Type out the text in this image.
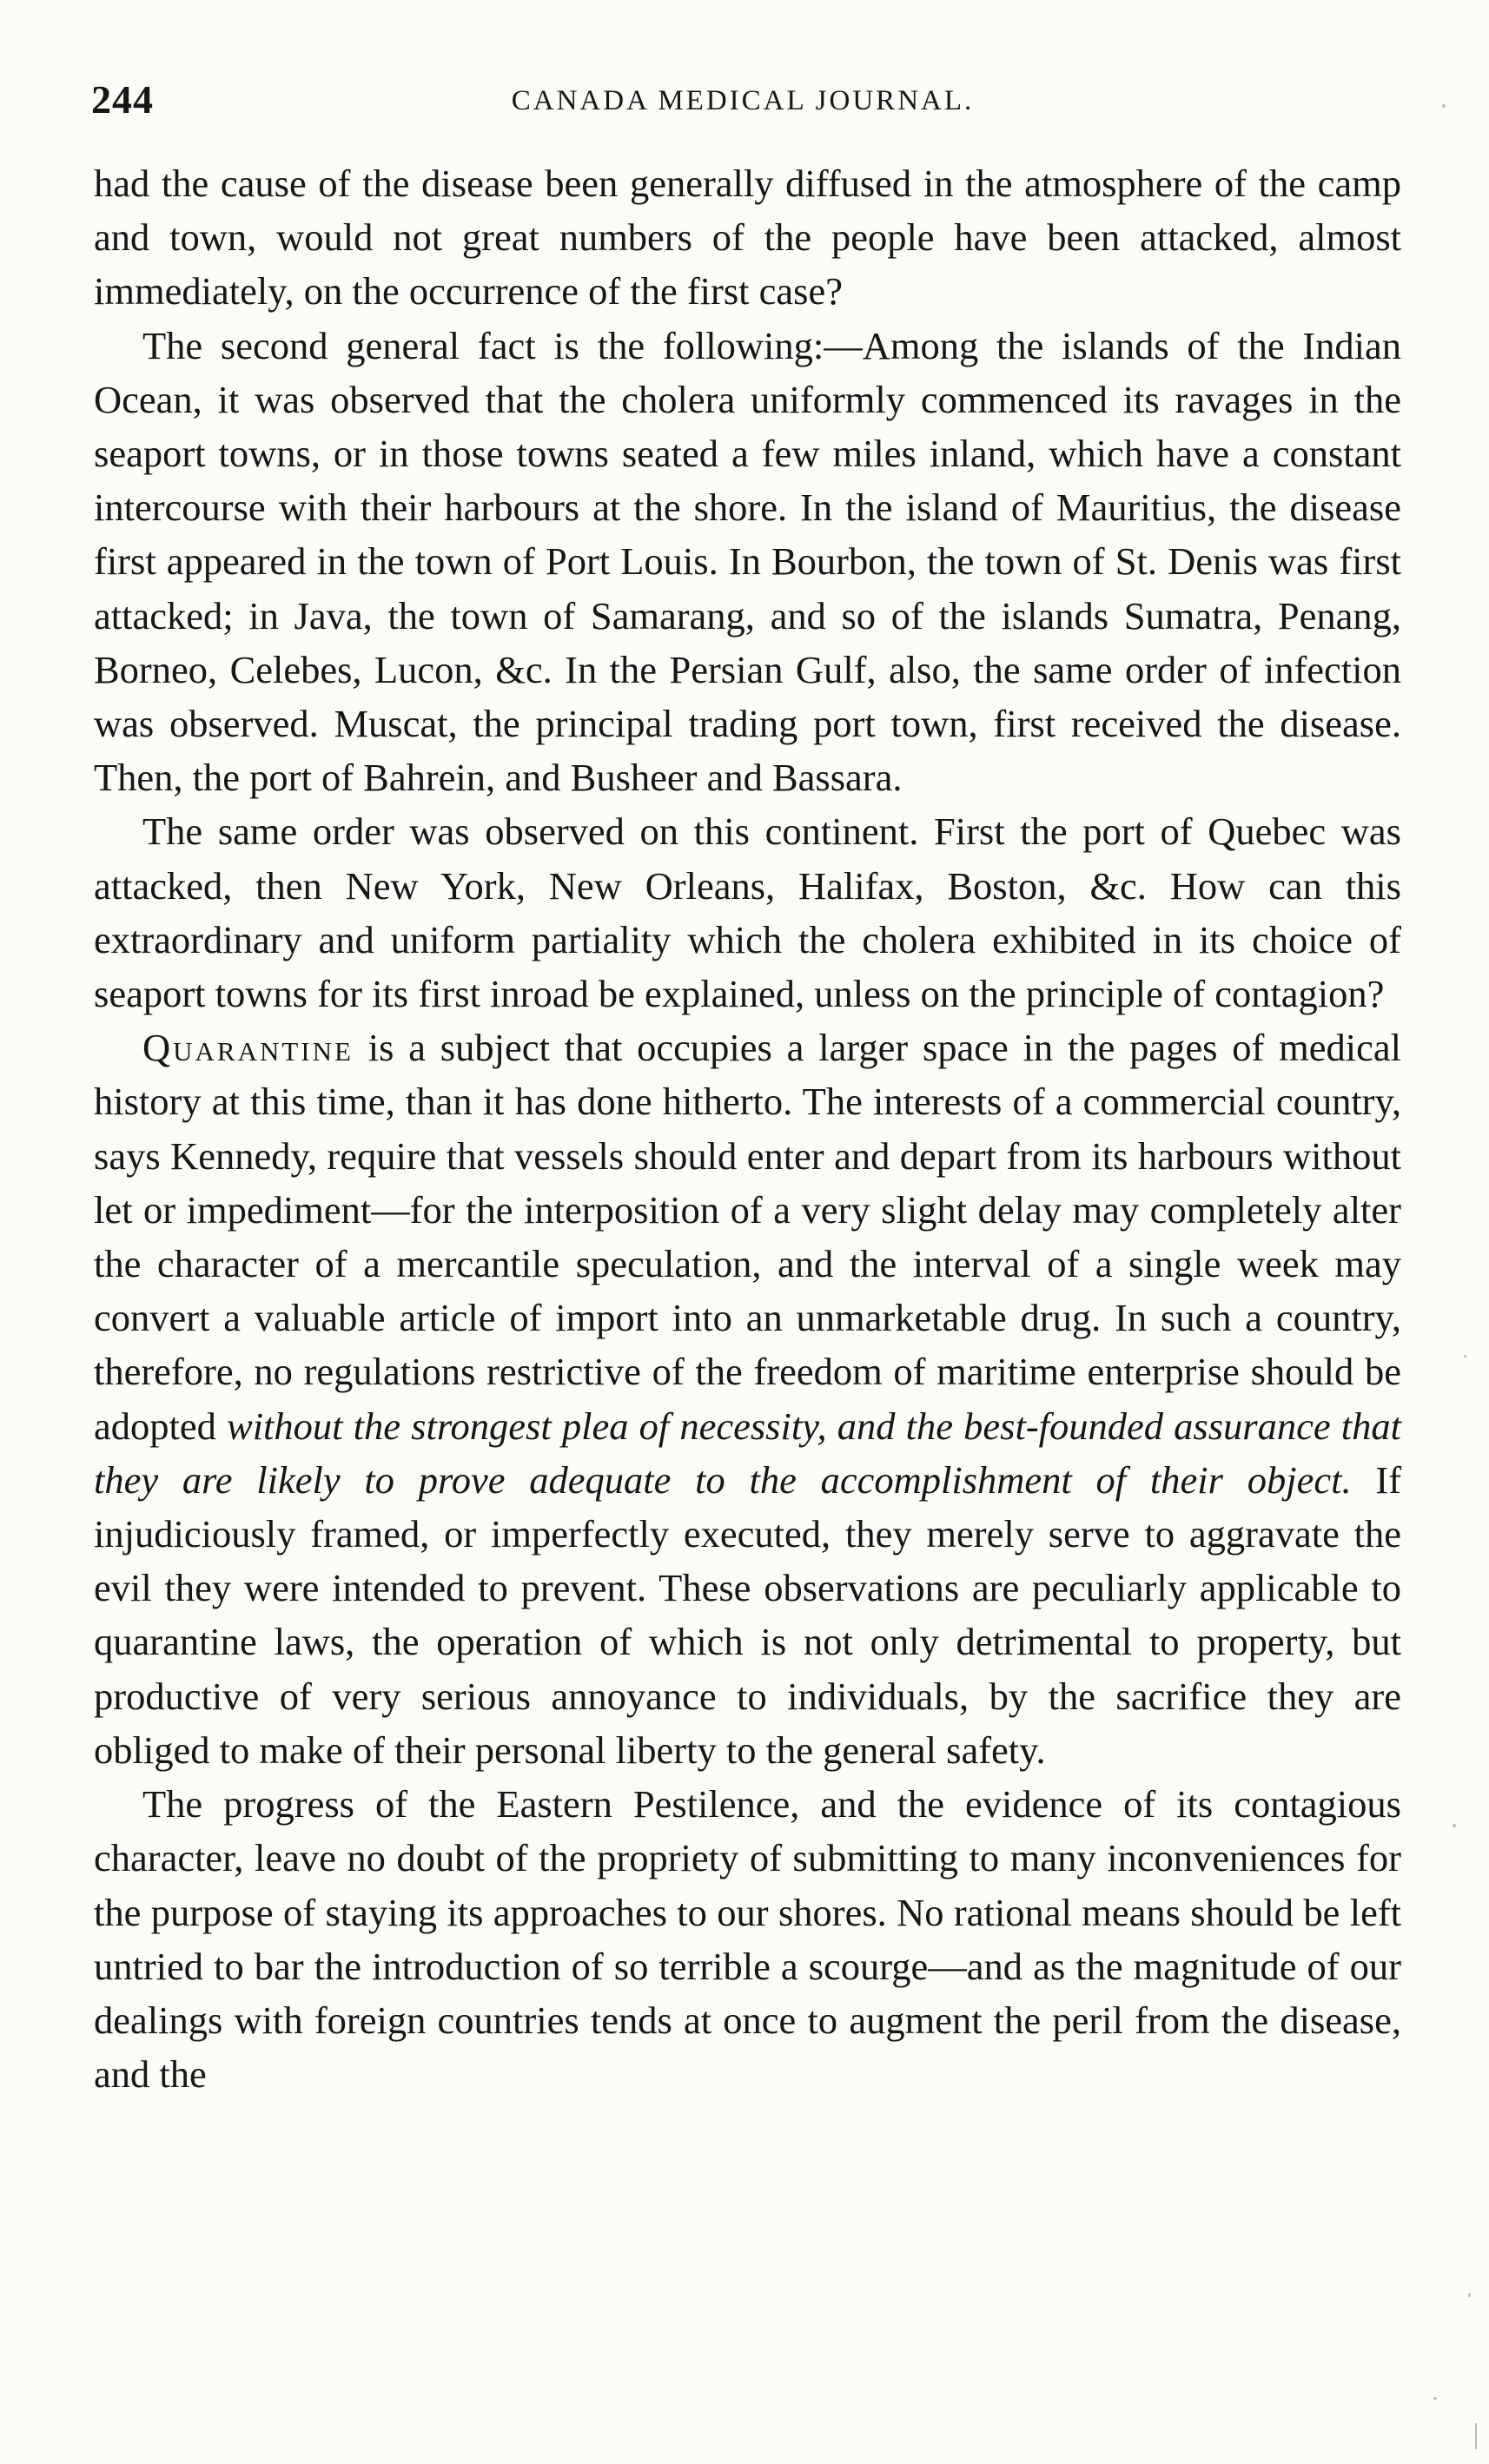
244	CANADA MEDICAL JOURNAL.

had the cause of the disease been generally diffused in the atmosphere of the camp and town, would not great numbers of the people have been attacked, almost immediately, on the occurrence of the first case?

The second general fact is the following:—Among the islands of the Indian Ocean, it was observed that the cholera uniformly commenced its ravages in the seaport towns, or in those towns seated a few miles inland, which have a constant intercourse with their harbours at the shore. In the island of Mauritius, the disease first appeared in the town of Port Louis. In Bourbon, the town of St. Denis was first attacked; in Java, the town of Samarang, and so of the islands Sumatra, Penang, Borneo, Celebes, Lucon, &c. In the Persian Gulf, also, the same order of infection was observed. Muscat, the principal trading port town, first received the disease. Then, the port of Bahrein, and Busheer and Bassara.

The same order was observed on this continent. First the port of Quebec was attacked, then New York, New Orleans, Halifax, Boston, &c. How can this extraordinary and uniform partiality which the cholera exhibited in its choice of seaport towns for its first inroad be explained, unless on the principle of contagion?

Quarantine is a subject that occupies a larger space in the pages of medical history at this time, than it has done hitherto. The interests of a commercial country, says Kennedy, require that vessels should enter and depart from its harbours without let or impediment—for the interposition of a very slight delay may completely alter the character of a mercantile speculation, and the interval of a single week may convert a valuable article of import into an unmarketable drug. In such a country, therefore, no regulations restrictive of the freedom of maritime enterprise should be adopted without the strongest plea of necessity, and the best-founded assurance that they are likely to prove adequate to the accomplishment of their object. If injudiciously framed, or imperfectly executed, they merely serve to aggravate the evil they were intended to prevent. These observations are peculiarly applicable to quarantine laws, the operation of which is not only detrimental to property, but productive of very serious annoyance to individuals, by the sacrifice they are obliged to make of their personal liberty to the general safety.

The progress of the Eastern Pestilence, and the evidence of its contagious character, leave no doubt of the propriety of submitting to many inconveniences for the purpose of staying its approaches to our shores. No rational means should be left untried to bar the introduction of so terrible a scourge—and as the magnitude of our dealings with foreign countries tends at once to augment the peril from the disease, and the
